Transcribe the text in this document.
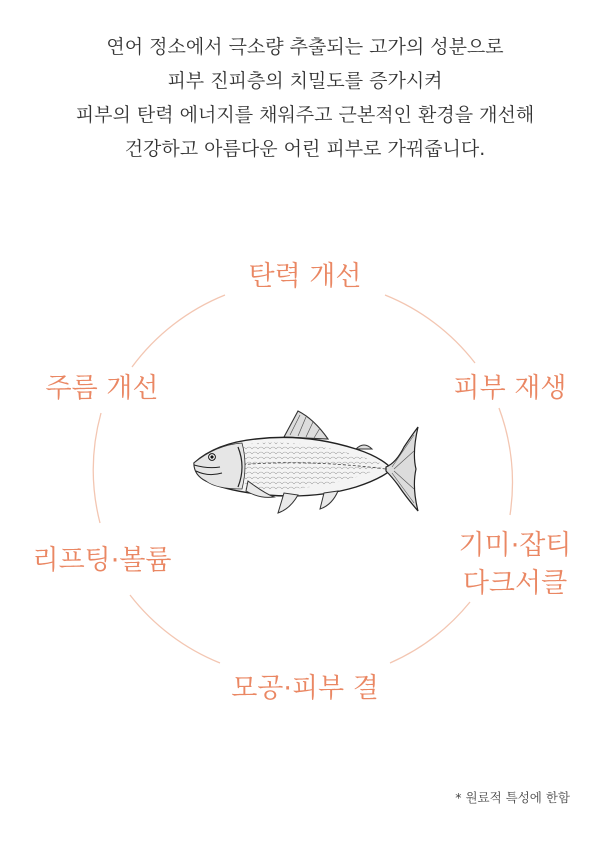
연어 정소에서 극소량 추출되는 고가의 성분으로
피부 진피층의 치밀도를 증가시켜
피부의 탄력 에너지를 채워주고 근본적인 환경을 개선해
건강하고 아름다운 어린 피부로 가꿔줍니다.
탄력 개선
주름 개선	피부 재생
리프팅·볼륨	기미·잡티
다크서클
모공·피부 결
* 원료적 특성에 한함
